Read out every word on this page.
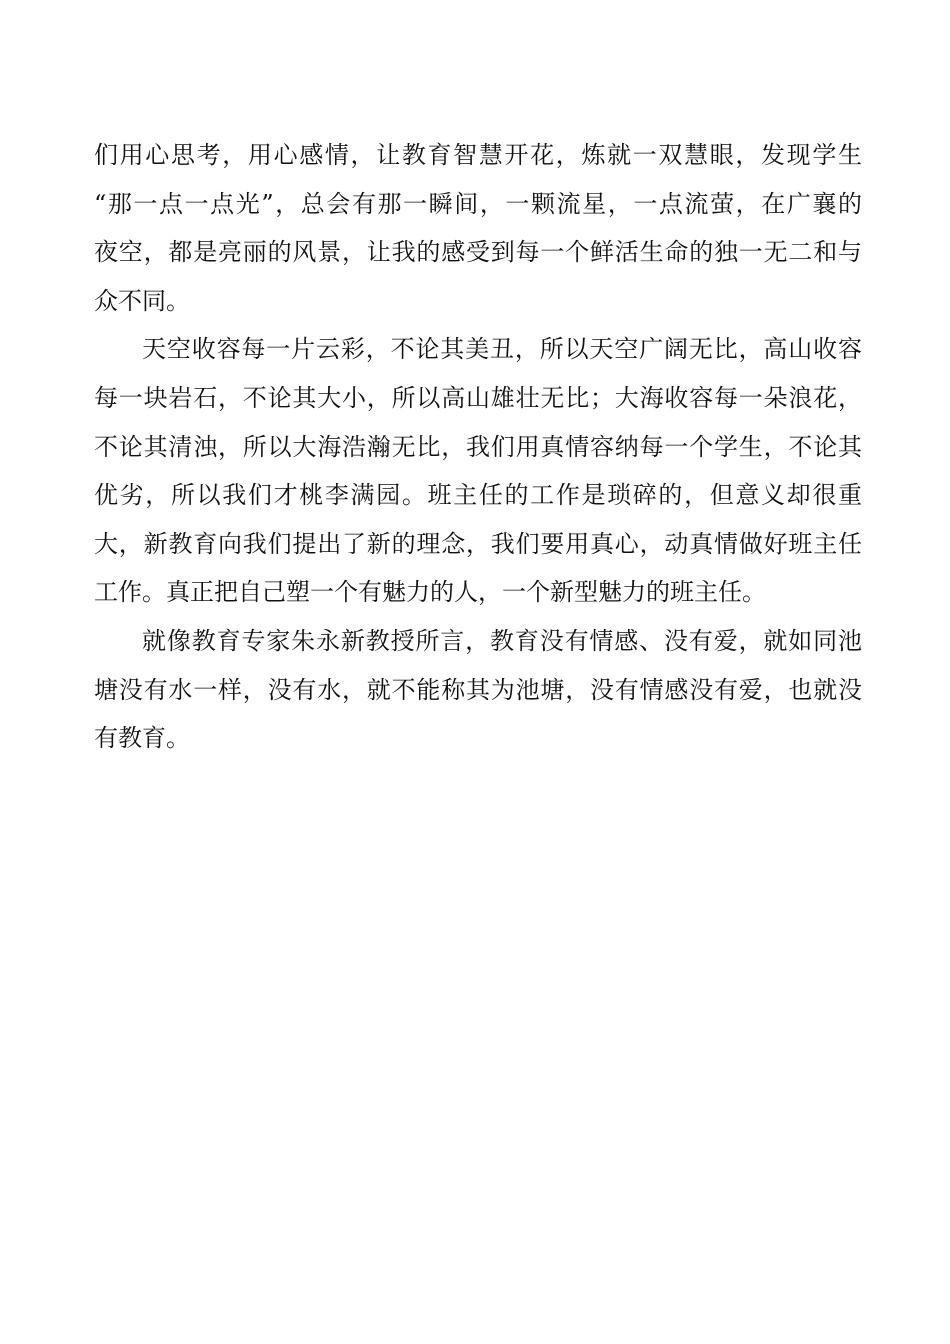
们用心思考，用心感情，让教育智慧开花，炼就一双慧眼，发现学生
“那一点一点光”，总会有那一瞬间，一颗流星，一点流萤，在广襄的
夜空，都是亮丽的风景，让我的感受到每一个鲜活生命的独一无二和与
众不同。
天空收容每一片云彩，不论其美丑，所以天空广阔无比，高山收容
每一块岩石，不论其大小，所以高山雄壮无比；大海收容每一朵浪花，
不论其清浊，所以大海浩瀚无比，我们用真情容纳每一个学生，不论其
优劣，所以我们才桃李满园。班主任的工作是琐碎的，但意义却很重
大，新教育向我们提出了新的理念，我们要用真心，动真情做好班主任
工作。真正把自己塑一个有魅力的人，一个新型魅力的班主任。
就像教育专家朱永新教授所言，教育没有情感、没有爱，就如同池
塘没有水一样，没有水，就不能称其为池塘，没有情感没有爱，也就没
有教育。
